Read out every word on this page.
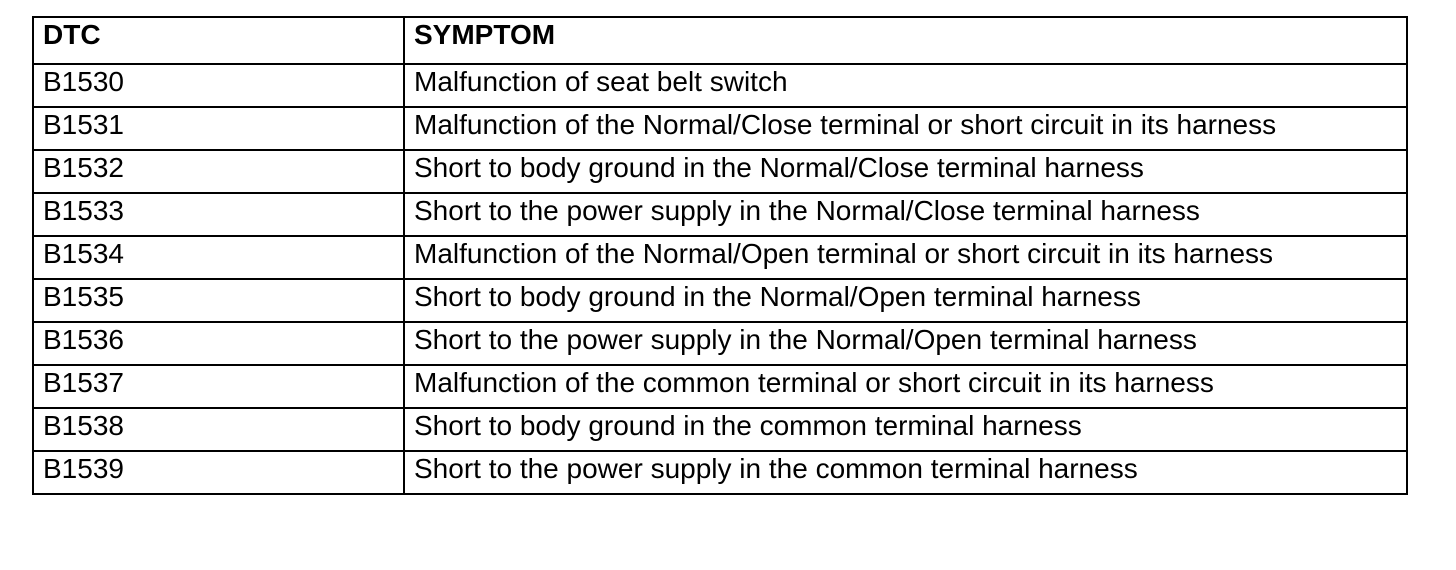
DTC	SYMPTOM
B1530	Malfunction of seat belt switch
B1531	Malfunction of the Normal/Close terminal or short circuit in its harness
B1532	Short to body ground in the Normal/Close terminal harness
B1533	Short to the power supply in the Normal/Close terminal harness
B1534	Malfunction of the Normal/Open terminal or short circuit in its harness
B1535	Short to body ground in the Normal/Open terminal harness
B1536	Short to the power supply in the Normal/Open terminal harness
B1537	Malfunction of the common terminal or short circuit in its harness
B1538	Short to body ground in the common terminal harness
B1539	Short to the power supply in the common terminal harness
